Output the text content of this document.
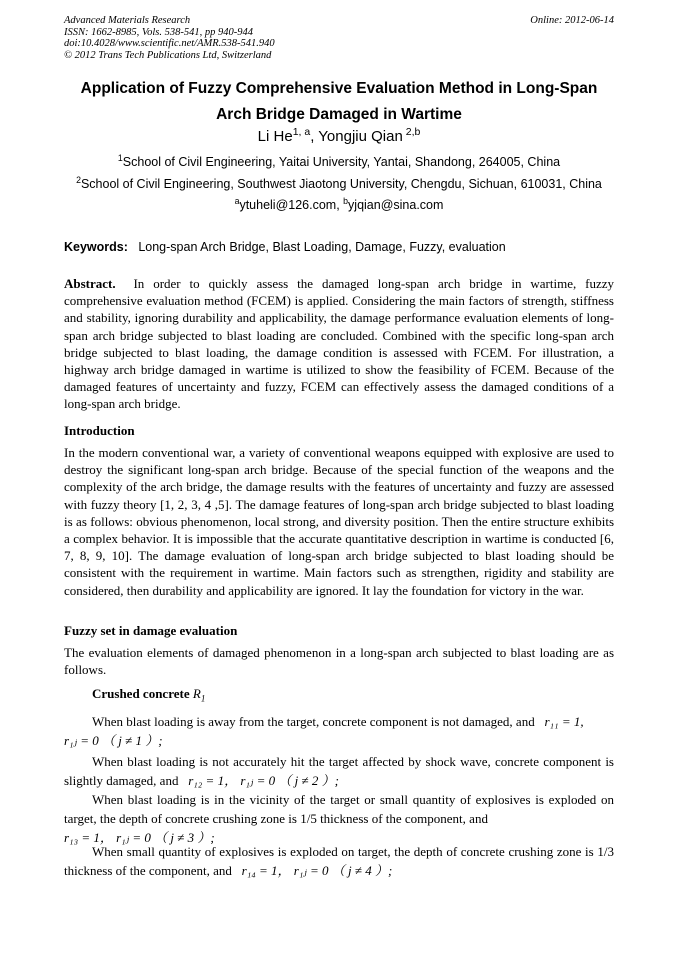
Advanced Materials Research
ISSN: 1662-8985, Vols. 538-541, pp 940-944
doi:10.4028/www.scientific.net/AMR.538-541.940
© 2012 Trans Tech Publications Ltd, Switzerland
Online: 2012-06-14
Application of Fuzzy Comprehensive Evaluation Method in Long-Span
Arch Bridge Damaged in Wartime
Li He$^{1, a}$, Yongjiu Qian $^{2,b}$
$^1$School of Civil Engineering, Yaitai University, Yantai, Shandong, 264005, China
$^2$School of Civil Engineering, Southwest Jiaotong University, Chengdu, Sichuan, 610031, China
$^a$ytuheli@126.com, $^b$yjqian@sina.com
Keywords: Long-span Arch Bridge, Blast Loading, Damage, Fuzzy, evaluation
Abstract. In order to quickly assess the damaged long-span arch bridge in wartime, fuzzy comprehensive evaluation method (FCEM) is applied. Considering the main factors of strength, stiffness and stability, ignoring durability and applicability, the damage performance evaluation elements of long-span arch bridge subjected to blast loading are concluded. Combined with the specific long-span arch bridge subjected to blast loading, the damage condition is assessed with FCEM. For illustration, a highway arch bridge damaged in wartime is utilized to show the feasibility of FCEM. Because of the damaged features of uncertainty and fuzzy, FCEM can effectively assess the damaged conditions of a long-span arch bridge.
Introduction
In the modern conventional war, a variety of conventional weapons equipped with explosive are used to destroy the significant long-span arch bridge. Because of the special function of the weapons and the complexity of the arch bridge, the damage results with the features of uncertainty and fuzzy are assessed with fuzzy theory [1, 2, 3, 4 ,5]. The damage features of long-span arch bridge subjected to blast loading is as follows: obvious phenomenon, local strong, and diversity position. Then the entire structure exhibits a complex behavior. It is impossible that the accurate quantitative description in wartime is conducted [6, 7, 8, 9, 10]. The damage evaluation of long-span arch bridge subjected to blast loading should be consistent with the requirement in wartime. Main factors such as strengthen, rigidity and stability are considered, then durability and applicability are ignored. It lay the foundation for victory in the war.
Fuzzy set in damage evaluation
The evaluation elements of damaged phenomenon in a long-span arch subjected to blast loading are as follows.
Crushed concrete $R_1$
When blast loading is away from the target, concrete component is not damaged, and r₁₁ = 1,
r₁ⱼ = 0 （ j ≠ 1 ）;
When blast loading is not accurately hit the target affected by shock wave, concrete component is slightly damaged, and r₁₂ = 1， r₁ⱼ = 0 （ j ≠ 2 ）;
When blast loading is in the vicinity of the target or small quantity of explosives is exploded on target, the depth of concrete crushing zone is 1/5 thickness of the component, and
r₁₃ = 1， r₁ⱼ = 0 （ j ≠ 3 ）;
When small quantity of explosives is exploded on target, the depth of concrete crushing zone is 1/3 thickness of the component, and r₁₄ = 1， r₁ⱼ = 0 （ j ≠ 4 ）;
